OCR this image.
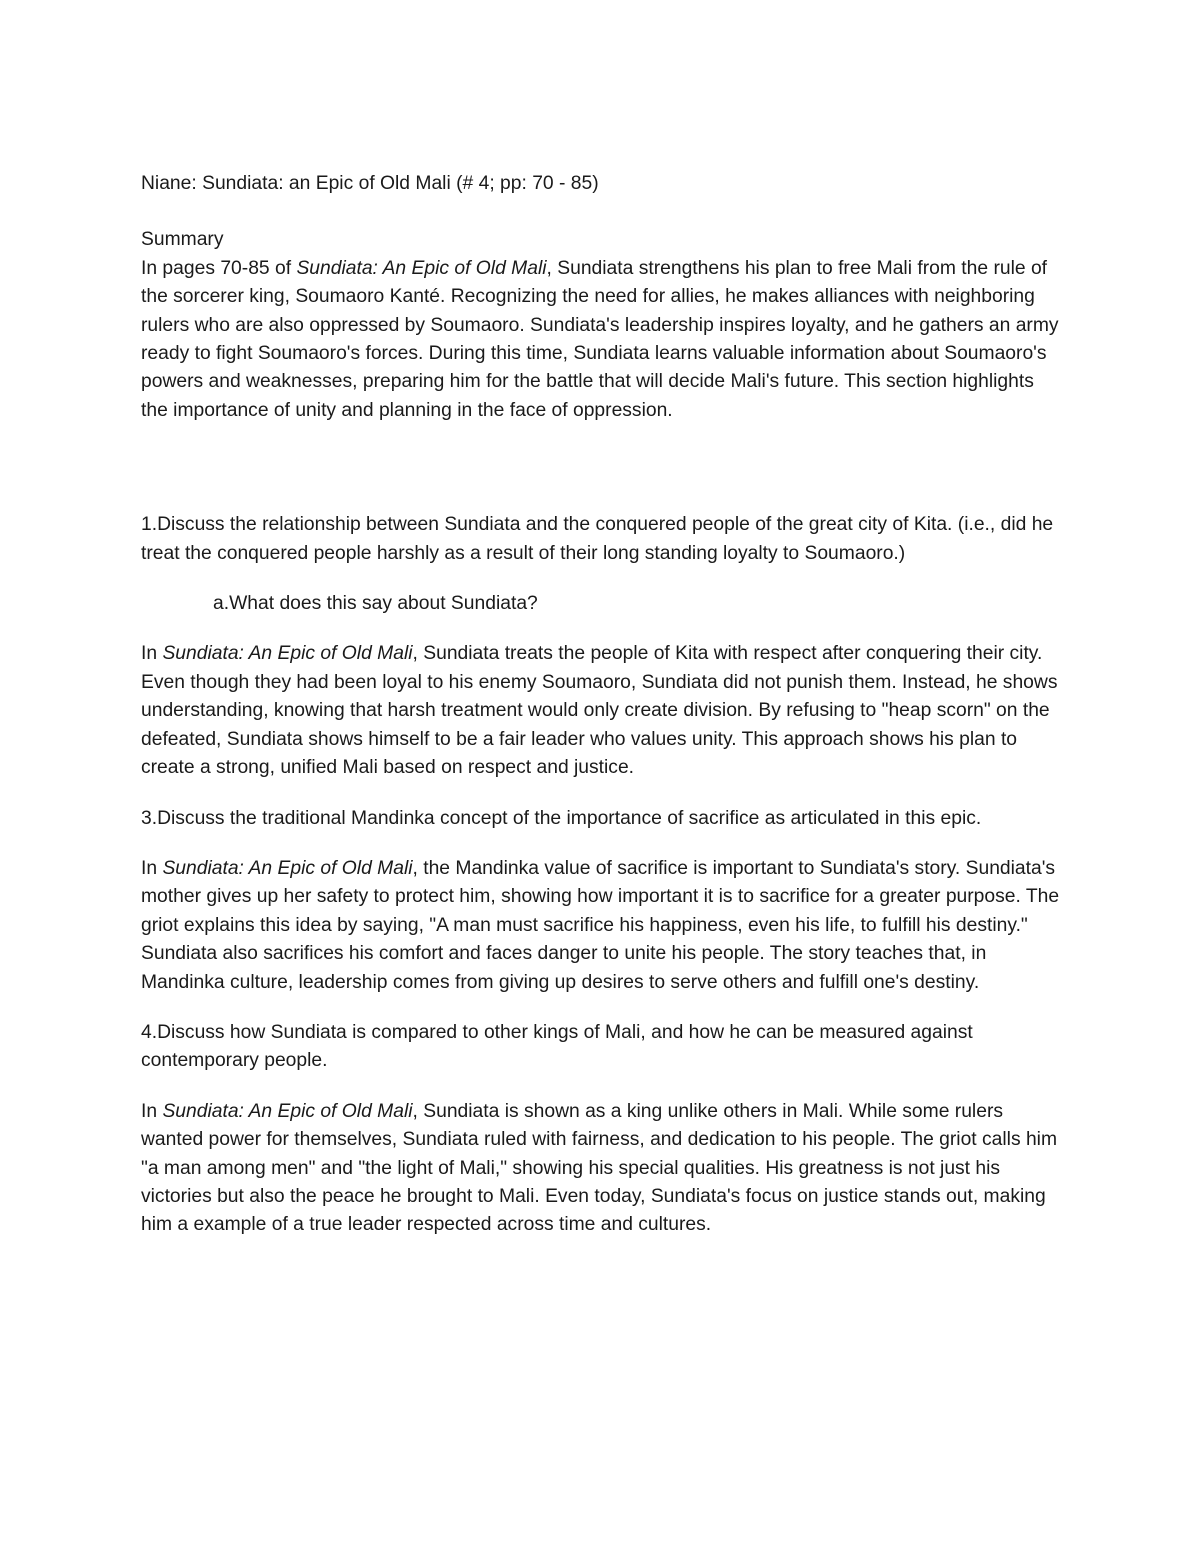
Niane: Sundiata: an Epic of Old Mali (# 4; pp: 70 - 85)

Summary

In pages 70-85 of Sundiata: An Epic of Old Mali, Sundiata strengthens his plan to free Mali from the rule of the sorcerer king, Soumaoro Kanté. Recognizing the need for allies, he makes alliances with neighboring rulers who are also oppressed by Soumaoro. Sundiata's leadership inspires loyalty, and he gathers an army ready to fight Soumaoro's forces. During this time, Sundiata learns valuable information about Soumaoro's powers and weaknesses, preparing him for the battle that will decide Mali's future. This section highlights the importance of unity and planning in the face of oppression.

1.Discuss the relationship between Sundiata and the conquered people of the great city of Kita. (i.e., did he treat the conquered people harshly as a result of their long standing loyalty to Soumaoro.)

a.What does this say about Sundiata?

In Sundiata: An Epic of Old Mali, Sundiata treats the people of Kita with respect after conquering their city. Even though they had been loyal to his enemy Soumaoro, Sundiata did not punish them. Instead, he shows understanding, knowing that harsh treatment would only create division. By refusing to "heap scorn" on the defeated, Sundiata shows himself to be a fair leader who values unity. This approach shows his plan to create a strong, unified Mali based on respect and justice.

3.Discuss the traditional Mandinka concept of the importance of sacrifice as articulated in this epic.

In Sundiata: An Epic of Old Mali, the Mandinka value of sacrifice is important to Sundiata's story. Sundiata's mother gives up her safety to protect him, showing how important it is to sacrifice for a greater purpose. The griot explains this idea by saying, "A man must sacrifice his happiness, even his life, to fulfill his destiny." Sundiata also sacrifices his comfort and faces danger to unite his people. The story teaches that, in Mandinka culture, leadership comes from giving up desires to serve others and fulfill one's destiny.

4.Discuss how Sundiata is compared to other kings of Mali, and how he can be measured against contemporary people.

In Sundiata: An Epic of Old Mali, Sundiata is shown as a king unlike others in Mali. While some rulers wanted power for themselves, Sundiata ruled with fairness, and dedication to his people. The griot calls him "a man among men" and "the light of Mali," showing his special qualities. His greatness is not just his victories but also the peace he brought to Mali. Even today, Sundiata's focus on justice stands out, making him a example of a true leader respected across time and cultures.
